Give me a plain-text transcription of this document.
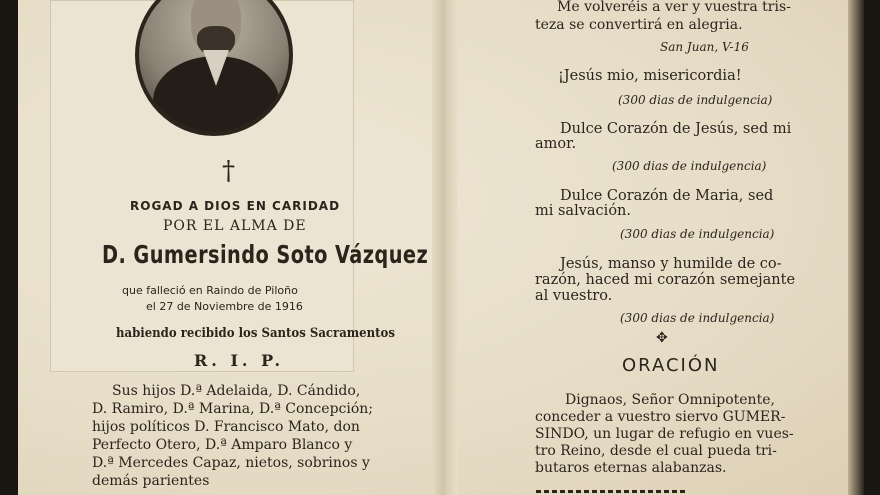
†
ROGAD A DIOS EN CARIDAD
POR EL ALMA DE
D. Gumersindo Soto Vázquez
que falleció en Raindo de Piloño
el 27 de Noviembre de 1916
habiendo recibido los Santos Sacramentos
R. I. P.
Sus hijos D.ª Adelaida, D. Cándido,
D. Ramiro, D.ª Marina, D.ª Concepción;
hijos políticos D. Francisco Mato, don
Perfecto Otero, D.ª Amparo Blanco y
D.ª Mercedes Capaz, nietos, sobrinos y
demás parientes
Me volveréis a ver y vuestra tris-
teza se convertirá en alegria.
San Juan, V-16
¡Jesús mio, misericordia!
(300 dias de indulgencia)
Dulce Corazón de Jesús, sed mi
amor.
(300 dias de indulgencia)
Dulce Corazón de Maria, sed
mi salvación.
(300 dias de indulgencia)
Jesús, manso y humilde de co-
razón, haced mi corazón semejante
al vuestro.
(300 dias de indulgencia)
✥
ORACIÓN
Dignaos, Señor Omnipotente,
conceder a vuestro siervo GUMER-
SINDO, un lugar de refugio en vues-
tro Reino, desde el cual pueda tri-
butaros eternas alabanzas.
